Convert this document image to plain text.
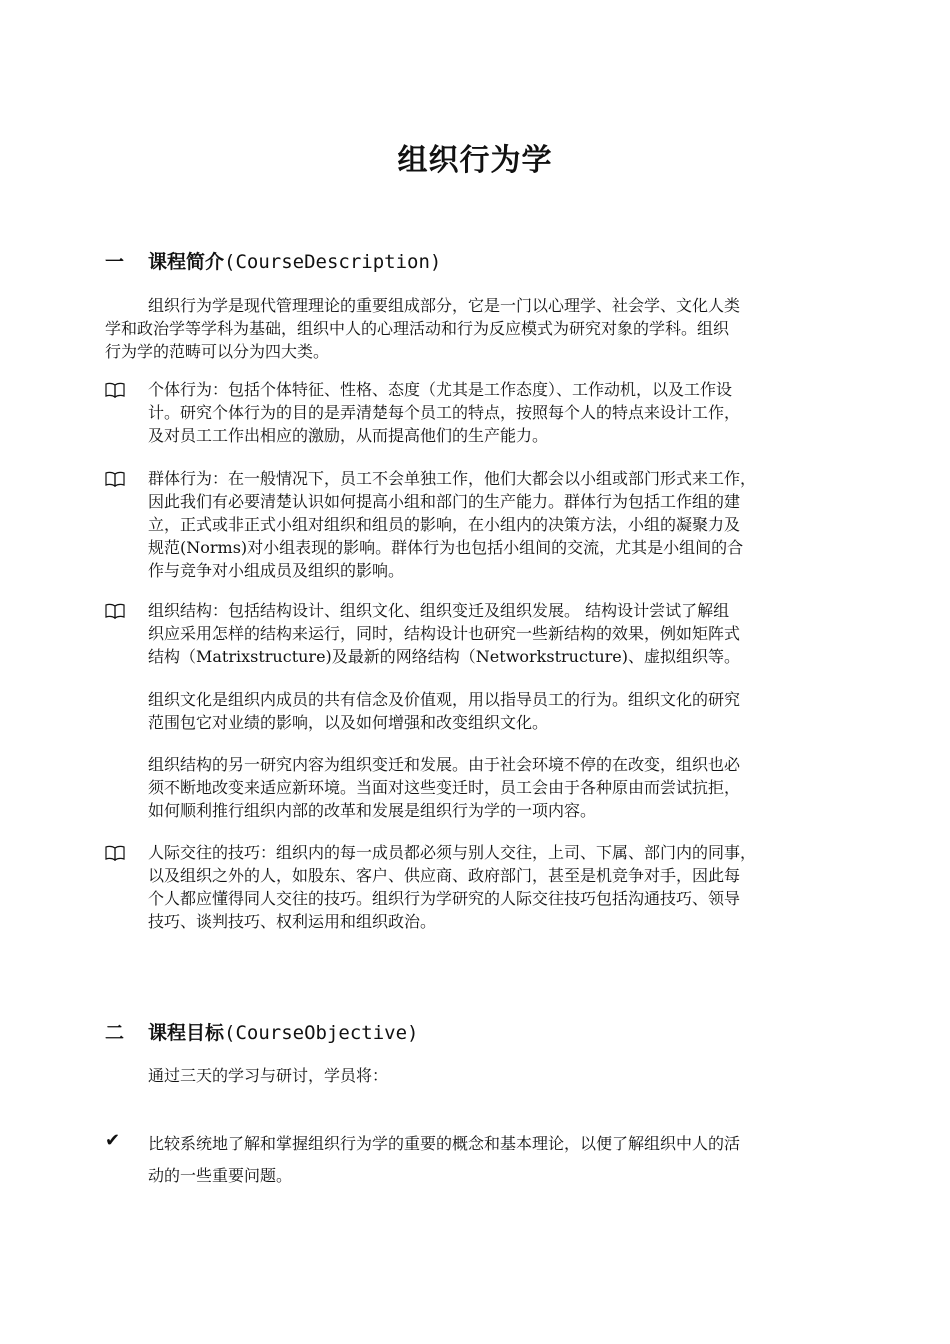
组织行为学
一 课程简介(CourseDescription)
组织行为学是现代管理理论的重要组成部分，它是一门以心理学、社会学、文化人类
学和政治学等学科为基础，组织中人的心理活动和行为反应模式为研究对象的学科。组织
行为学的范畴可以分为四大类。
个体行为：包括个体特征、性格、态度（尤其是工作态度）、工作动机，以及工作设
计。研究个体行为的目的是弄清楚每个员工的特点，按照每个人的特点来设计工作，
及对员工工作出相应的激励，从而提高他们的生产能力。
群体行为：在一般情况下，员工不会单独工作，他们大都会以小组或部门形式来工作，
因此我们有必要清楚认识如何提高小组和部门的生产能力。群体行为包括工作组的建
立，正式或非正式小组对组织和组员的影响，在小组内的决策方法，小组的凝聚力及
规范(Norms)对小组表现的影响。群体行为也包括小组间的交流，尤其是小组间的合
作与竞争对小组成员及组织的影响。
组织结构：包括结构设计、组织文化、组织变迁及组织发展。 结构设计尝试了解组
织应采用怎样的结构来运行，同时，结构设计也研究一些新结构的效果，例如矩阵式
结构（Matrixstructure)及最新的网络结构（Networkstructure)、虚拟组织等。
组织文化是组织内成员的共有信念及价值观，用以指导员工的行为。组织文化的研究
范围包它对业绩的影响，以及如何增强和改变组织文化。
组织结构的另一研究内容为组织变迁和发展。由于社会环境不停的在改变，组织也必
须不断地改变来适应新环境。当面对这些变迁时，员工会由于各种原由而尝试抗拒，
如何顺利推行组织内部的改革和发展是组织行为学的一项内容。
人际交往的技巧：组织内的每一成员都必须与别人交往，上司、下属、部门内的同事，
以及组织之外的人，如股东、客户、供应商、政府部门，甚至是机竞争对手，因此每
个人都应懂得同人交往的技巧。组织行为学研究的人际交往技巧包括沟通技巧、领导
技巧、谈判技巧、权利运用和组织政治。
二 课程目标(CourseObjective)
通过三天的学习与研讨，学员将：
✔ 比较系统地了解和掌握组织行为学的重要的概念和基本理论，以便了解组织中人的活
动的一些重要问题。
